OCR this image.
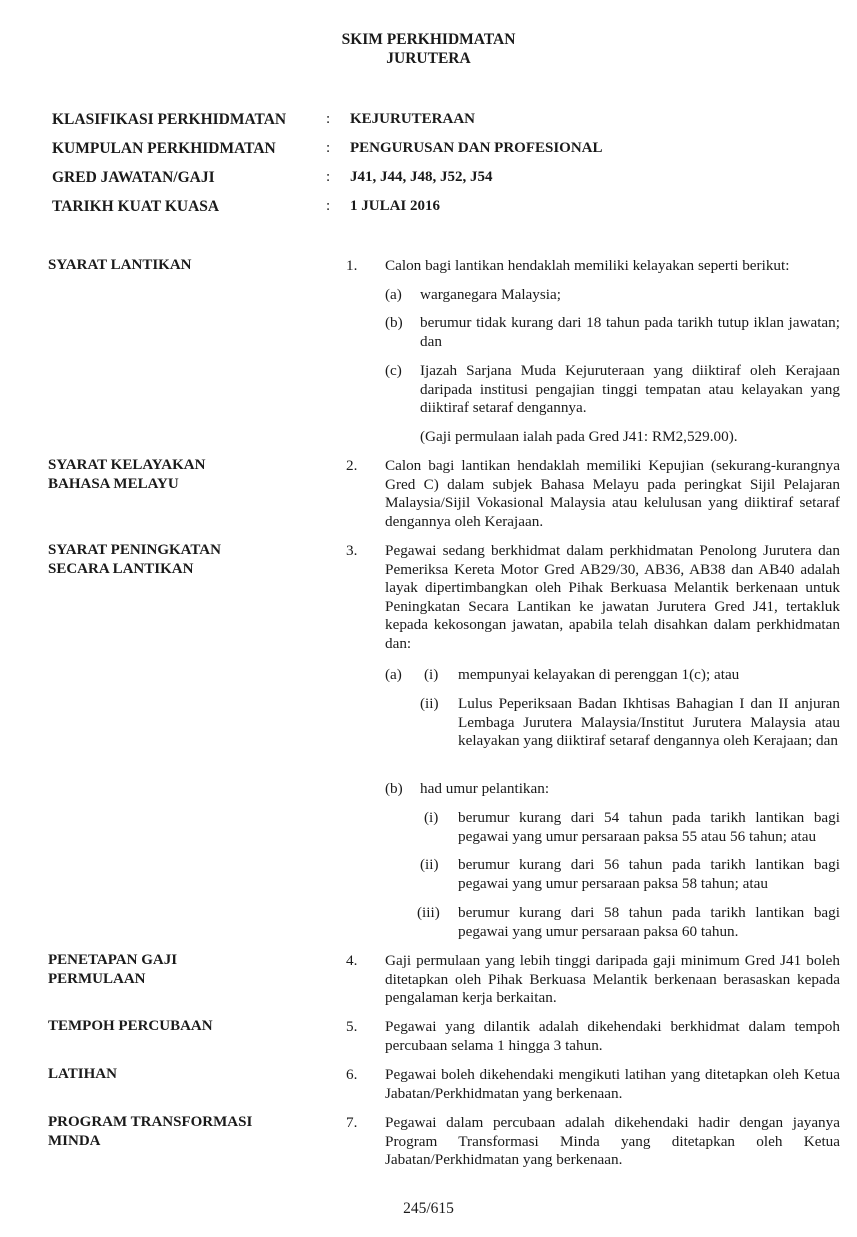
SKIM PERKHIDMATAN
JURUTERA
KLASIFIKASI PERKHIDMATAN	: KEJURUTERAAN
KUMPULAN PERKHIDMATAN	: PENGURUSAN DAN PROFESIONAL
GRED JAWATAN/GAJI	: J41, J44, J48, J52, J54
TARIKH KUAT KUASA	: 1 JULAI 2016
SYARAT LANTIKAN	1. Calon bagi lantikan hendaklah memiliki kelayakan seperti berikut:
(a) warganegara Malaysia;
(b) berumur tidak kurang dari 18 tahun pada tarikh tutup iklan jawatan; dan
(c) Ijazah Sarjana Muda Kejuruteraan yang diiktiraf oleh Kerajaan daripada institusi pengajian tinggi tempatan atau kelayakan yang diiktiraf setaraf dengannya.
(Gaji permulaan ialah pada Gred J41: RM2,529.00).
SYARAT KELAYAKAN
BAHASA MELAYU
2. Calon bagi lantikan hendaklah memiliki Kepujian (sekurang-kurangnya Gred C) dalam subjek Bahasa Melayu pada peringkat Sijil Pelajaran Malaysia/Sijil Vokasional Malaysia atau kelulusan yang diiktiraf setaraf dengannya oleh Kerajaan.
SYARAT PENINGKATAN
SECARA LANTIKAN
3. Pegawai sedang berkhidmat dalam perkhidmatan Penolong Jurutera dan Pemeriksa Kereta Motor Gred AB29/30, AB36, AB38 dan AB40 adalah layak dipertimbangkan oleh Pihak Berkuasa Melantik berkenaan untuk Peningkatan Secara Lantikan ke jawatan Jurutera Gred J41, tertakluk kepada kekosongan jawatan, apabila telah disahkan dalam perkhidmatan dan:
(a) (i) mempunyai kelayakan di perenggan 1(c); atau
(ii) Lulus Peperiksaan Badan Ikhtisas Bahagian I dan II anjuran Lembaga Jurutera Malaysia/Institut Jurutera Malaysia atau kelayakan yang diiktiraf setaraf dengannya oleh Kerajaan; dan
(b) had umur pelantikan:
(i) berumur kurang dari 54 tahun pada tarikh lantikan bagi pegawai yang umur persaraan paksa 55 atau 56 tahun; atau
(ii) berumur kurang dari 56 tahun pada tarikh lantikan bagi pegawai yang umur persaraan paksa 58 tahun; atau
(iii) berumur kurang dari 58 tahun pada tarikh lantikan bagi pegawai yang umur persaraan paksa 60 tahun.
PENETAPAN GAJI
PERMULAAN
4. Gaji permulaan yang lebih tinggi daripada gaji minimum Gred J41 boleh ditetapkan oleh Pihak Berkuasa Melantik berkenaan berasaskan kepada pengalaman kerja berkaitan.
TEMPOH PERCUBAAN	5. Pegawai yang dilantik adalah dikehendaki berkhidmat dalam tempoh percubaan selama 1 hingga 3 tahun.
LATIHAN	6. Pegawai boleh dikehendaki mengikuti latihan yang ditetapkan oleh Ketua Jabatan/Perkhidmatan yang berkenaan.
PROGRAM TRANSFORMASI
MINDA
7. Pegawai dalam percubaan adalah dikehendaki hadir dengan jayanya Program Transformasi Minda yang ditetapkan oleh Ketua Jabatan/Perkhidmatan yang berkenaan.
245/615
